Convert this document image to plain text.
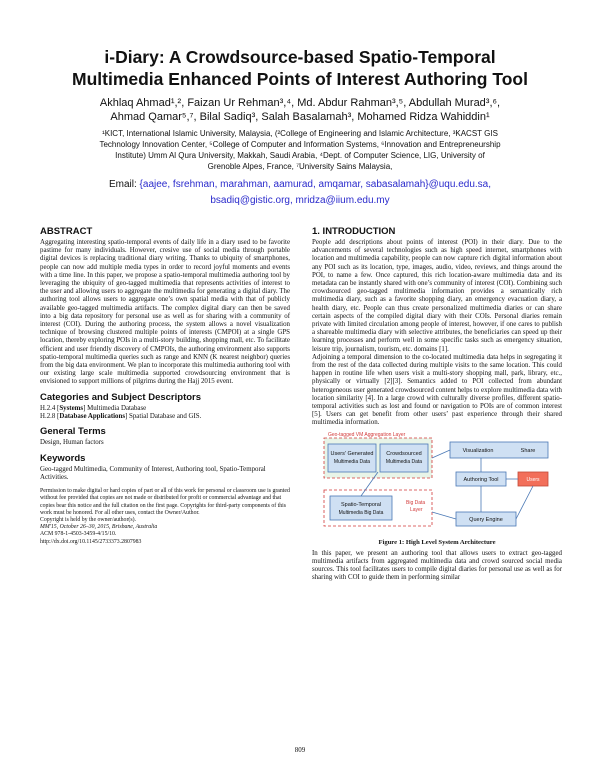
i-Diary: A Crowdsource-based Spatio-Temporal
Multimedia Enhanced Points of Interest Authoring Tool
Akhlaq Ahmad¹,², Faizan Ur Rehman³,⁴, Md. Abdur Rahman³,⁵, Abdullah Murad³,⁶,
Ahmad Qamar⁵,⁷, Bilal Sadiq³, Salah Basalamah³, Mohamed Ridza Wahiddin¹
¹KICT, International Islamic University, Malaysia, (²College of Engineering and Islamic Architecture, ³KACST GIS
Technology Innovation Center, ⁵College of Computer and Information Systems, ⁶Innovation and Entrepreneurship
Institute) Umm Al Qura University, Makkah, Saudi Arabia, ⁴Dept. of Computer Science, LIG, University of
Grenoble Alpes, France, ⁷University Sains Malaysia,
Email: {aajee, fsrehman, marahman, aamurad, amqamar, sabasalamah}@uqu.edu.sa,
bsadiq@gistic.org, mridza@iium.edu.my
ABSTRACT

Aggregating interesting spatio-temporal events of daily life in a diary used to be favorite pastime for many individuals. However, cresive use of social media through portable digital devices is replacing traditional diary writing. Thanks to ubiquity of smartphones, people can now add multiple media types in order to record joyful moments and events with a time line. In this paper, we propose a spatio-temporal multimedia authoring tool by leveraging the ubiquity of geo-tagged multimedia that represents activities of interest to the user and allowing users to aggregate the multimedia for generating a digital diary. The authoring tool allows users to aggregate one’s own spatial media with that of publicly available geo-tagged multimedia artifacts. The complex digital diary can then be saved into a big data repository for personal use as well as for sharing with a community of interest (COI). During the authoring process, the system allows a novel visualization technique of browsing clustered multiple points of interests (CMPOI) at a single GPS location, thereby exploring POIs in a multi-story building, shopping mall, etc. To facilitate efficient and user friendly discovery of CMPOIs, the authoring environment also supports spatio-temporal multimedia queries such as range and KNN (K nearest neighbor) queries from the big data environment. We plan to incorporate this multimedia authoring tool with our existing large scale multimedia supported crowdsourcing environment that is envisioned to support millions of pilgrims during the Hajj 2015 event.

Categories and Subject Descriptors

H.2.4 [Systems] Multimedia Database

H.2.8 [Database Applications] Spatial Database and GIS.

General Terms

Design, Human factors

Keywords

Geo-tagged Multimedia, Community of Interest, Authoring tool, Spatio-Temporal Activities.

Permission to make digital or hard copies of part or all of this work for personal or classroom use is granted without fee provided that copies are not made or distributed for profit or commercial advantage and that copies bear this notice and the full citation on the first page. Copyrights for third-party components of this work must be honored. For all other uses, contact the Owner/Author.
Copyright is held by the owner/author(s).
MM'15, October 26–30, 2015, Brisbane, Australia
ACM 978-1-4503-3459-4/15/10.
http://dx.doi.org/10.1145/2733373.2807983
1. INTRODUCTION

People add descriptions about points of interest (POI) in their diary. Due to the advancements of several technologies such as high speed internet, smartphones with location and multimedia capability, people can now capture rich digital information about any POI such as its location, type, images, audio, video, reviews, and things around the POI, to name a few. Once captured, this rich location-aware multimedia data and its metadata can be instantly shared with one’s community of interest (COI). Combining such crowdsourced geo-tagged multimedia information provides a semantically rich multimedia diary, such as a favorite shopping diary, an emergency evacuation diary, a health diary, etc. People can thus create personalized multimedia diaries or can share certain aspects of the compiled digital diary with their COIs. Personal diaries remain private with limited circulation among people of interest, however, if one cares to publish a shareable multimedia diary with selective attributes, the beneficiaries can speed up their learning processes and perform well in some specific tasks such as emergency situation, leisure trip, journalism, tourism, etc. domains [1].

Adjoining a temporal dimension to the co-located multimedia data helps in segregating it from the rest of the data collected during multiple visits to the same location. This could happen in routine life when users visit a multi-story shopping mall, park, library, etc., physically or virtually [2][3]. Semantics added to POI collected from abundant heterogeneous user generated crowdsourced content helps to explore multimedia data with location similarity [4]. In a large crowd with culturally diverse profiles, different spatio-temporal activities such as lost and found or navigation to POIs are of common interest [5]. Users can get benefit from other users’ past experience through their shared multimedia information.

Geo-tagged VM Aggregation Layer
Users' Generated
Multimedia Data
Crowdsourced
Multimedia Data
Spatio-Temporal
Multimedia Big Data
Big Data
Layer
Visualization	Share
Authoring Tool	Users
Query Engine
Figure 1: High Level System Architecture

In this paper, we present an authoring tool that allows users to extract geo-tagged multimedia artifacts from aggregated multimedia data and crowd sourced social media sources. This tool facilitates users to compile digital diaries for personal use as well as for sharing with COI to guide them in performing similar

809
